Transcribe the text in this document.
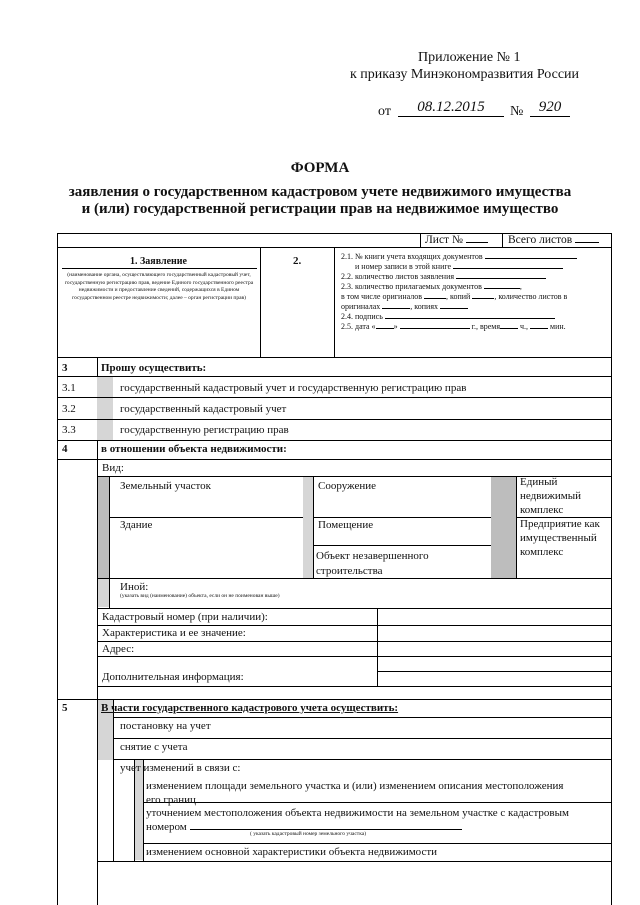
Приложение № 1
к приказу Минэкономразвития России
от	08.12.2015	№	920
ФОРМА
заявления о государственном кадастровом учете недвижимого имущества
и (или) государственной регистрации прав на недвижимое имущество
Лист №	Всего листов
1. Заявление
(наименование органа, осуществляющего государственный кадастровый учет, государственную регистрацию прав, ведение Единого государственного реестра недвижимости и предоставление сведений, содержащихся в Едином государственном реестре недвижимости; далее – орган регистрации прав)
2.	2.1. № книги учета входящих документов
и номер записи в этой книге
2.2. количество листов заявления
2.3. количество прилагаемых документов	,
в том числе оригиналов	, копий	, количество листов в
оригиналах	, копиях
2.4. подпись
2.5. дата « »	г., время	ч.,	мин.
3	Прошу осуществить:
3.1	государственный кадастровый учет и государственную регистрацию прав
3.2	государственный кадастровый учет
3.3	государственную регистрацию прав
4	в отношении объекта недвижимости:
Вид:
Земельный участок	Сооружение	Единый
недвижимый
комплекс
Здание	Помещение	Предприятие как
имущественный
комплекс
Объект незавершенного
строительства
Иной:
(указать вид (наименование) объекта, если он не поименован выше)
Кадастровый номер (при наличии):
Характеристика и ее значение:
Адрес:
Дополнительная информация:
5	В части государственного кадастрового учета осуществить:
постановку на учет
снятие с учета
учет изменений в связи с:
изменением площади земельного участка и (или) изменением описания местоположения
его границ
уточнением местоположения объекта недвижимости на земельном участке с кадастровым
номером
( указать кадастровый номер земельного участка)
изменением основной характеристики объекта недвижимости
